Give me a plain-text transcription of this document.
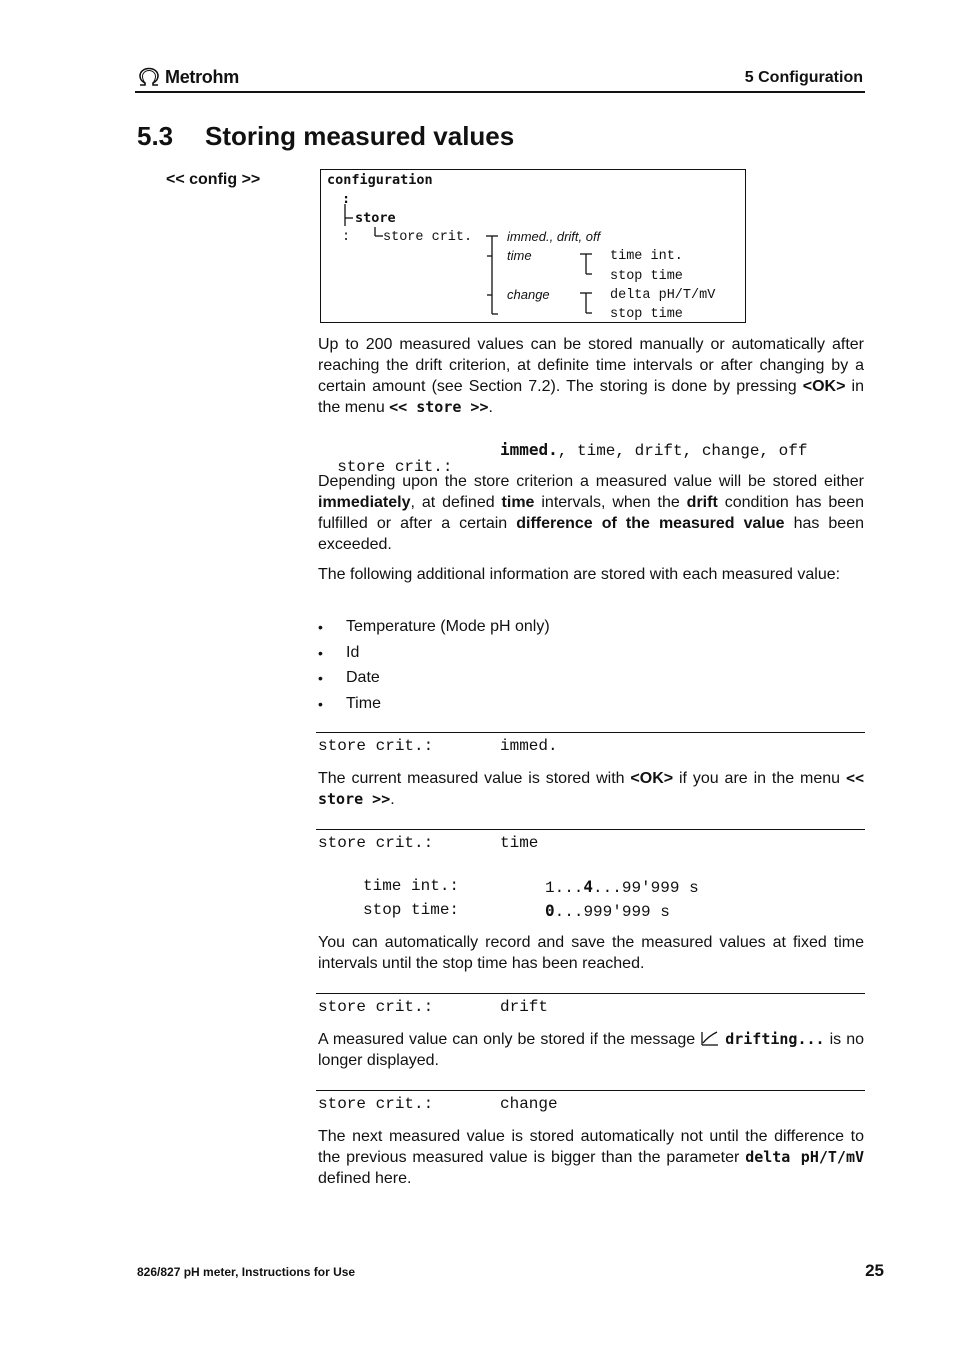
Metrohm	5 Configuration
5.3 Storing measured values
<< config >>	configuration
:
store
: store crit.	immed., drift, off
time
change
time int.
stop time
delta pH/T/mV
stop time
Up to 200 measured values can be stored manually or automatically after reaching the drift criterion, at definite time intervals or after changing by a certain amount (see Section 7.2). The storing is done by pressing <OK> in the menu << store >>.

store crit.:

immed., time, drift, change, off
Depending upon the store criterion a measured value will be stored either immediately, at defined time intervals, when the drift condition has been fulfilled or after a certain difference of the measured value has been exceeded.
The following additional information are stored with each measured value:
•	Temperature (Mode pH only)
•	Id
•	Date
•	Time
store crit.:	immed.
The current measured value is stored with <OK> if you are in the menu << store >>.
store crit.:	time
time int.:	1...4...99'999 s
stop time:	0...999'999 s
You can automatically record and save the measured values at fixed time intervals until the stop time has been reached.
store crit.:	drift
A measured value can only be stored if the message  drifting... is no longer displayed.
store crit.:	change
The next measured value is stored automatically not until the difference to the previous measured value is bigger than the parameter delta pH/T/mV defined here.
826/827 pH meter, Instructions for Use	25
